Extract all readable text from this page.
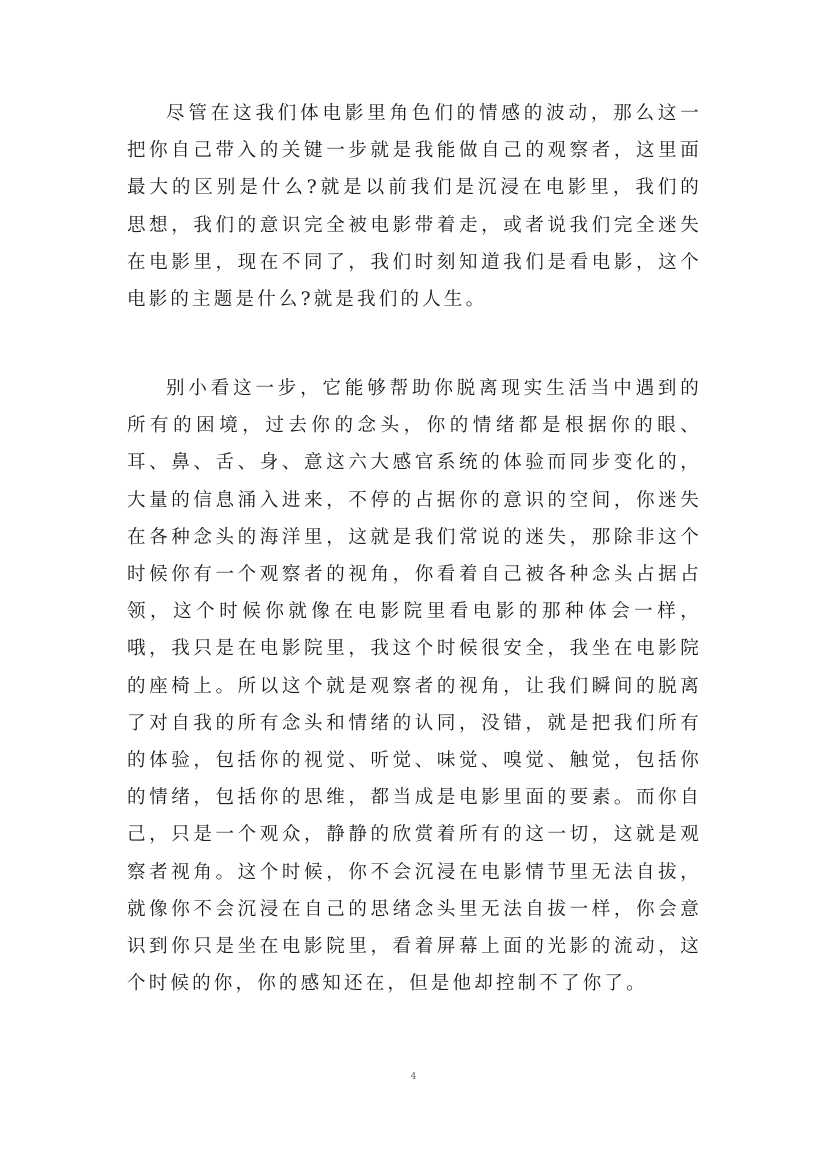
尽管在这我们体电影里角色们的情感的波动，那么这一把你自己带入的关键一步就是我能做自己的观察者，这里面最大的区别是什么?就是以前我们是沉浸在电影里，我们的思想，我们的意识完全被电影带着走，或者说我们完全迷失在电影里，现在不同了，我们时刻知道我们是看电影，这个电影的主题是什么?就是我们的人生。

别小看这一步，它能够帮助你脱离现实生活当中遇到的所有的困境，过去你的念头，你的情绪都是根据你的眼、耳、鼻、舌、身、意这六大感官系统的体验而同步变化的，大量的信息涌入进来，不停的占据你的意识的空间，你迷失在各种念头的海洋里，这就是我们常说的迷失，那除非这个时候你有一个观察者的视角，你看着自己被各种念头占据占领，这个时候你就像在电影院里看电影的那种体会一样，哦，我只是在电影院里，我这个时候很安全，我坐在电影院的座椅上。所以这个就是观察者的视角，让我们瞬间的脱离了对自我的所有念头和情绪的认同，没错，就是把我们所有的体验，包括你的视觉、听觉、味觉、嗅觉、触觉，包括你的情绪，包括你的思维，都当成是电影里面的要素。而你自己，只是一个观众，静静的欣赏着所有的这一切，这就是观察者视角。这个时候，你不会沉浸在电影情节里无法自拔，就像你不会沉浸在自己的思绪念头里无法自拔一样，你会意识到你只是坐在电影院里，看着屏幕上面的光影的流动，这个时候的你，你的感知还在，但是他却控制不了你了。

4
